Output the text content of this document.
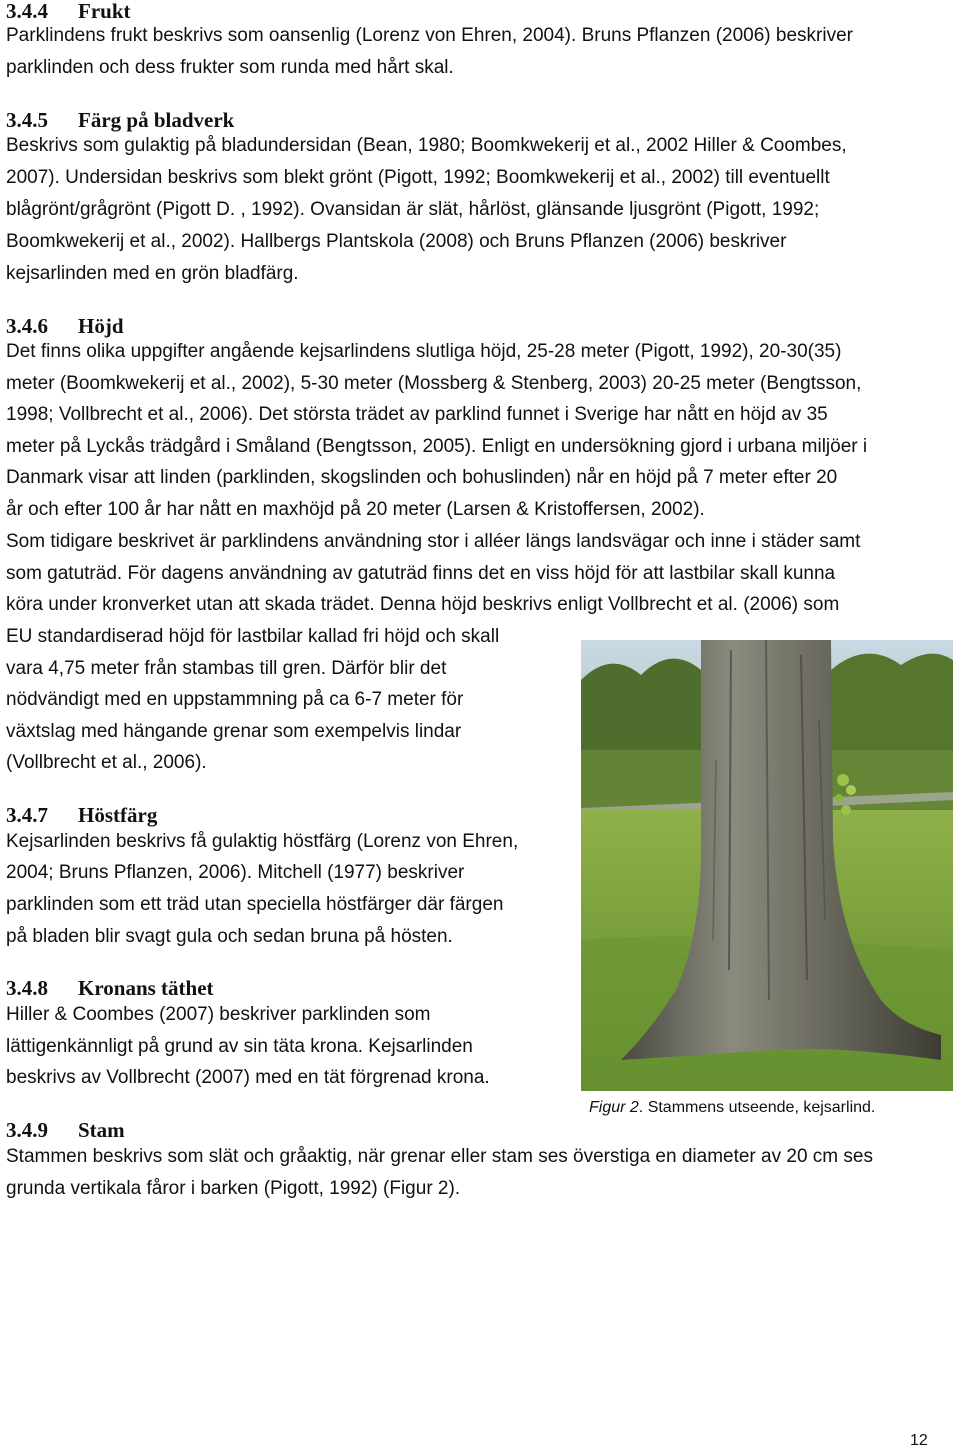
3.4.4 Frukt

Parklindens frukt beskrivs som oansenlig (Lorenz von Ehren, 2004). Bruns Pflanzen (2006) beskriver

parklinden och dess frukter som runda med hårt skal.

3.4.5 Färg på bladverk

Beskrivs som gulaktig på bladundersidan (Bean, 1980; Boomkwekerij et al., 2002 Hiller & Coombes,

2007). Undersidan beskrivs som blekt grönt (Pigott, 1992; Boomkwekerij et al., 2002) till eventuellt

blågrönt/grågrönt (Pigott D. , 1992). Ovansidan är slät, hårlöst, glänsande ljusgrönt (Pigott, 1992;

Boomkwekerij et al., 2002). Hallbergs Plantskola (2008) och Bruns Pflanzen (2006) beskriver

kejsarlinden med en grön bladfärg.

3.4.6 Höjd

Det finns olika uppgifter angående kejsarlindens slutliga höjd, 25-28 meter (Pigott, 1992), 20-30(35)

meter (Boomkwekerij et al., 2002), 5-30 meter (Mossberg & Stenberg, 2003) 20-25 meter (Bengtsson,

1998; Vollbrecht et al., 2006). Det största trädet av parklind funnet i Sverige har nått en höjd av 35

meter på Lyckås trädgård i Småland (Bengtsson, 2005). Enligt en undersökning gjord i urbana miljöer i

Danmark visar att linden (parklinden, skogslinden och bohuslinden) når en höjd på 7 meter efter 20

år och efter 100 år har nått en maxhöjd på 20 meter (Larsen & Kristoffersen, 2002).

Som tidigare beskrivet är parklindens användning stor i alléer längs landsvägar och inne i städer samt

som gatuträd. För dagens användning av gatuträd finns det en viss höjd för att lastbilar skall kunna

köra under kronverket utan att skada trädet. Denna höjd beskrivs enligt Vollbrecht et al. (2006) som

EU standardiserad höjd för lastbilar kallad fri höjd och skall

vara 4,75 meter från stambas till gren. Därför blir det

nödvändigt med en uppstammning på ca 6-7 meter för

växtslag med hängande grenar som exempelvis lindar

(Vollbrecht et al., 2006).

3.4.7 Höstfärg

Kejsarlinden beskrivs få gulaktig höstfärg (Lorenz von Ehren,

2004; Bruns Pflanzen, 2006). Mitchell (1977) beskriver

parklinden som ett träd utan speciella höstfärger där färgen

på bladen blir svagt gula och sedan bruna på hösten.

3.4.8 Kronans täthet

Hiller & Coombes (2007) beskriver parklinden som

lättigenkännligt på grund av sin täta krona. Kejsarlinden

beskrivs av Vollbrecht (2007) med en tät förgrenad krona.

3.4.9 Stam

Stammen beskrivs som slät och gråaktig, när grenar eller stam ses överstiga en diameter av 20 cm ses

grunda vertikala fåror i barken (Pigott, 1992) (Figur 2).

Figur 2. Stammens utseende, kejsarlind.
12
